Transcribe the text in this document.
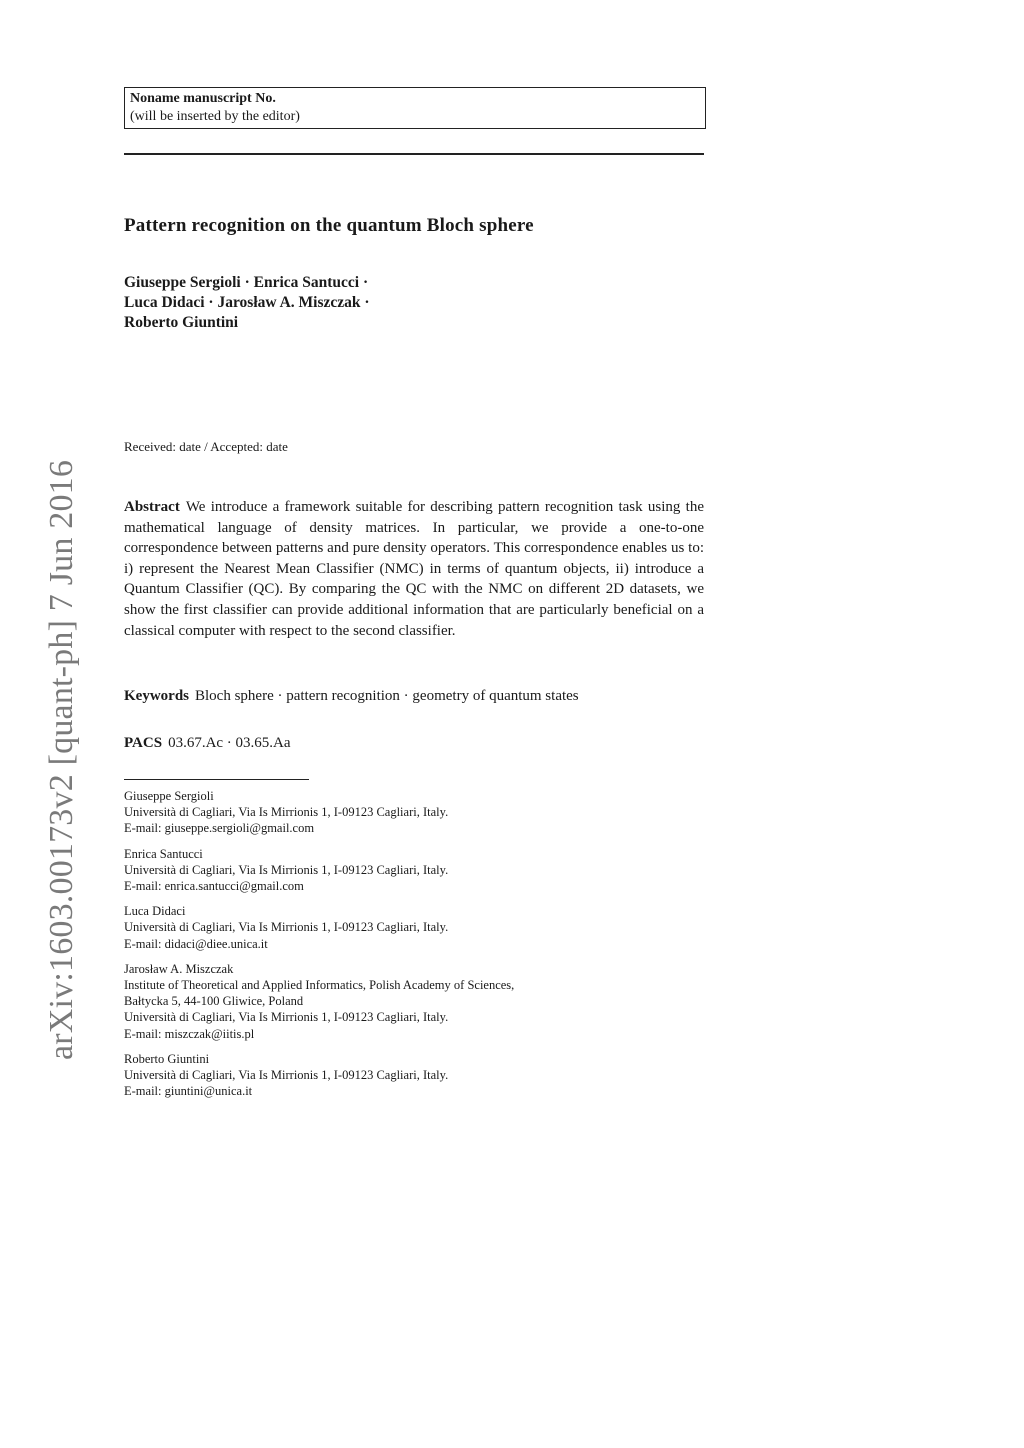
arXiv:1603.00173v2 [quant-ph] 7 Jun 2016
Noname manuscript No.
(will be inserted by the editor)
Pattern recognition on the quantum Bloch sphere
Giuseppe Sergioli · Enrica Santucci ·
Luca Didaci · Jarosław A. Miszczak ·
Roberto Giuntini
Received: date / Accepted: date
Abstract We introduce a framework suitable for describing pattern recognition task using the mathematical language of density matrices. In particular, we provide a one-to-one correspondence between patterns and pure density operators. This correspondence enables us to: i) represent the Nearest Mean Classifier (NMC) in terms of quantum objects, ii) introduce a Quantum Classifier (QC). By comparing the QC with the NMC on different 2D datasets, we show the first classifier can provide additional information that are particularly beneficial on a classical computer with respect to the second classifier.
Keywords Bloch sphere · pattern recognition · geometry of quantum states
PACS 03.67.Ac · 03.65.Aa
Giuseppe Sergioli
Università di Cagliari, Via Is Mirrionis 1, I-09123 Cagliari, Italy.
E-mail: giuseppe.sergioli@gmail.com
Enrica Santucci
Università di Cagliari, Via Is Mirrionis 1, I-09123 Cagliari, Italy.
E-mail: enrica.santucci@gmail.com
Luca Didaci
Università di Cagliari, Via Is Mirrionis 1, I-09123 Cagliari, Italy.
E-mail: didaci@diee.unica.it
Jarosław A. Miszczak
Institute of Theoretical and Applied Informatics, Polish Academy of Sciences,
Bałtycka 5, 44-100 Gliwice, Poland
Università di Cagliari, Via Is Mirrionis 1, I-09123 Cagliari, Italy.
E-mail: miszczak@iitis.pl
Roberto Giuntini
Università di Cagliari, Via Is Mirrionis 1, I-09123 Cagliari, Italy.
E-mail: giuntini@unica.it
